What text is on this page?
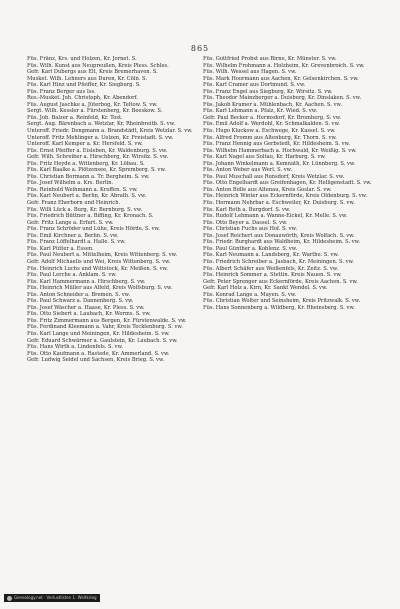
865

Füs. Fränz, Krs. und Holzen, Kr. Jornet. S.

Füs. Wilh. Kunst aus Neupreußen, Kreis Pless. Schles.

Gefr. Karl Dubergs aus Elt, Kreis Bremerhaven. S.

Musket. Wilh. Lehners aus Duren, Kr. Cöln. S.

Füs. Karl Hinz und Pfeiffer, Kr. Siegburg. S.

Füs. Franz Berger aus Iss.

Res.-Musket. Joh. Christoph, Kr. Abendorf.

Füs. August Jaschke a. Jüterbog, Kr. Teltow. S. vw.

Sergt. Wilh. Kessler a. Fürstenberg, Kr. Beeskow. S.

Füs. Joh. Balzer a. Reinfeld, Kr. Tost.

Sergt. Aug. Bärenbach a. Wetzlar, Kr. Rheinbreitb. S. vw.

Unteroff. Friedr. Dengmann a. Brandstädt, Kreis Wetzlar. S. vw.

Unteroff. Fritz Mehlinger a. Uelzen, Kr. Freistadt. S. vw.

Unteroff. Karl Kemper a. Kr. Hersfeld. S. vw.

Füs. Ernst Pfeiffer a. Eisleben, Kr. Waldenburg. S. vw.

Gefr. Wilh. Schreiber a. Hirschberg, Kr. Wirsitz. S. vw.

Füs. Fritz Heyde a. Wittenberg, Kr. Löbau. S.

Füs. Karl Baalke a. Plötzensee, Kr. Spremberg. S. vw.

Füs. Christian Bormann a. Tr. Bergheim. S. vw.

Füs. Josef Wilhelm a. Krs. Berlin.

Füs. Reinhold Weihmann a. Kroffen. S. vw.

Füs. Karl Neubert a. Berlin, Kr. Abrath. S. vw.

Gefr. Franz Eherborn und Heinrich.

Füs. Willi Lück a. Burg, Kr. Bernburg. S. vw.

Füs. Friedrich Büttner a. Biffing, Kr. Kronach. S.

Gefr. Fritz Lange a. Erfurt. S. vw.

Füs. Franz Schröder und Lühe, Kreis Hörde. S. vw.

Füs. Emil Kirchner a. Berlin. S. vw.

Füs. Franz Löffelhardt a. Halle. S. vw.

Füs. Karl Pütter a. Essen.

Füs. Paul Neubert a. Mittelheim, Kreis Wittenberg. S. vw.

Gefr. Adolf Michaelis und Wei, Kreis Wittenberg. S. vw.

Füs. Heinrich Luchs und Wittstock, Kr. Meißen. S. vw.

Füs. Paul Lerche a. Anklam. S. vw.

Füs. Karl Hammermann a. Hirschberg. S. vw.

Füs. Heinrich Müller aus Alfeld, Kreis Wolfsburg. S. vw.

Füs. Anton Schneider a. Bremen. S. vw.

Füs. Paul Schwarz a. Dannenberg. S. vw.

Füs. Josef Wäscher a. Haase, Kr. Pless. S. vw.

Füs. Otto Siebert a. Laubach, Kr. Worms. S. vw.

Füs. Fritz Zimmermann aus Bergen, Kr. Fürstenwalde. S. vw.

Füs. Ferdinand Kleemann a. Vahr, Kreis Tecklenburg. S. vw.

Füs. Karl Lange und Meiningen, Kr. Hildesheim. S. vw.

Gefr. Eduard Schwärmer a. Gaulstein, Kr. Laubach. S. vw.

Füs. Hans Wirth a. Lindenfels. S. vw.

Füs. Otto Kaufmann a. Rastede, Kr. Ammerland. S. vw.

Gefr. Ludwig Seidel und Sachsen, Kreis Brieg. S. vw.

Füs. Gottfried Probst aus Birne, Kr. Münster. S. vw.

Füs. Wilhelm Frohmann a. Holzheim, Kr. Grevenbroich. S. vw.

Füs. Wilh. Wessel aus Hagen. S. vw.

Füs. Mark Hoormann aus Aachen, Kr. Gelsenkirchen. S. vw.

Füs. Karl Cramer aus Dortmund. S. vw.

Füs. Franz Engel aus Siegburg, Kr. Wirsitz. S. vw.

Füs. Theodor Mainzberger a. Duisburg, Kr. Dinslaken. S. vw.

Füs. Jakob Kramer a. Mühlenbach, Kr. Aachen. S. vw.

Füs. Karl Lehmann a. Pfalz, Kr. Wied. S. vw.

Gefr. Paul Becker a. Hermsdorf, Kr. Bromberg. S. vw.

Füs. Emil Adolf a. Werdohl, Kr. Schmalkalden. S. vw.

Füs. Hugo Kluckow a. Eschwege, Kr. Kassel. S. vw.

Füs. Alfred Fromm aus Altenburg, Kr. Thorn. S. vw.

Füs. Franz Hennig aus Gerbstedt, Kr. Hildesheim. S. vw.

Füs. Wilhelm Hammerbach a. Hochwald, Kr. Weißig. S. vw.

Füs. Karl Nagel aus Soltau, Kr. Harburg. S. vw.

Füs. Johann Winkelmann a. Kemnath, Kr. Lünnberg. S. vw.

Füs. Anton Weber aus Werl. S. vw.

Füs. Paul Muschall aus Ronsdorf, Kreis Wetzlar. S. vw.

Füs. Otto Engelhardt aus Greifenhagen, Kr. Helligenstadt. S. vw.

Füs. Anton Bolle aus Altenau, Kreis Goslar. S. vw.

Füs. Heinrich Winter aus Eckernförde, Kreis Oldenburg. S. vw.

Füs. Hermann Nehrbar a. Eschweiler, Kr. Duisburg. S. vw.

Füs. Karl Roth a. Burgdorf. S. vw.

Füs. Rudolf Lehmann a. Wanne-Eickel, Kr. Melle. S. vw.

Füs. Otto Beyer a. Dassel. S. vw.

Füs. Christian Fuchs aus Hof. S. vw.

Füs. Josef Reichert aus Donauwörth, Kreis Wolfach. S. vw.

Füs. Friedr. Burghardt aus Waldheim, Kr. Hildesheim. S. vw.

Füs. Paul Günther a. Koblenz. S. vw.

Füs. Karl Neumann a. Landsberg, Kr. Warthe. S. vw.

Füs. Friedrich Schreiber a. Jasbach, Kr. Meiningen. S. vw.

Füs. Albert Schäfer aus Weißenfels, Kr. Zeitz. S. vw.

Füs. Heinrich Sommer a. Stettin. Kreis Nauen. S. vw.

Gefr. Peter Sprenger aus Eckernförde, Kreis Aachen. S. vw.

Gefr. Karl Holz a. Kirn, Kr. Sankt Wendel. S. vw.

Füs. Konrad Lange a. Mayen. S. vw.

Füs. Christian Wolter und Seinsheim, Kreis Pritzwalk. S. vw.

Füs. Hans Sonnenberg a. Wildberg, Kr. Rheinsberg. S. vw.

Genealogy.net · Verlustlisten 1. Weltkrieg
